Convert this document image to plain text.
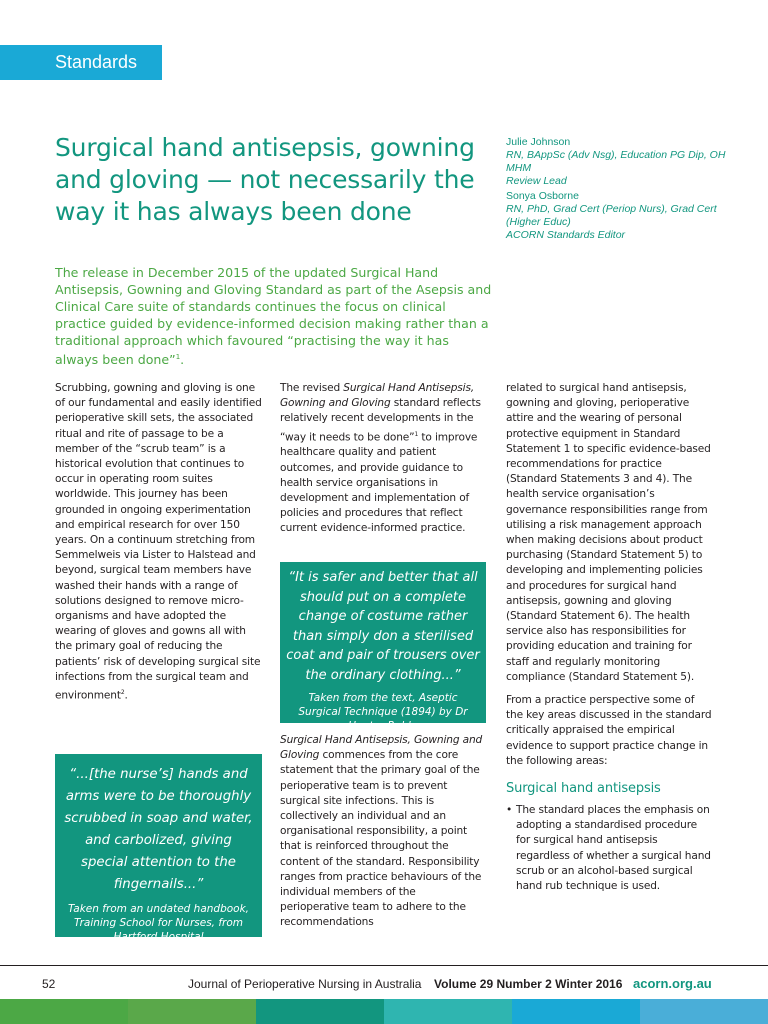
Standards
Surgical hand antisepsis, gowning and gloving — not necessarily the way it has always been done
Julie Johnson
RN, BAppSc (Adv Nsg), Education PG Dip, OH MHM
Review Lead
Sonya Osborne
RN, PhD, Grad Cert (Periop Nurs), Grad Cert (Higher Educ)
ACORN Standards Editor

The release in December 2015 of the updated Surgical Hand Antisepsis, Gowning and Gloving Standard as part of the Asepsis and Clinical Care suite of standards continues the focus on clinical practice guided by evidence-informed decision making rather than a traditional approach which favoured “practising the way it has always been done”$^1$.

Scrubbing, gowning and gloving is one of our fundamental and easily identified perioperative skill sets, the associated ritual and rite of passage to be a member of the “scrub team” is a historical evolution that continues to occur in operating room suites worldwide. This journey has been grounded in ongoing experimentation and empirical research for over 150 years. On a continuum stretching from Semmelweis via Lister to Halstead and beyond, surgical team members have washed their hands with a range of solutions designed to remove micro-organisms and have adopted the wearing of gloves and gowns all with the primary goal of reducing the patients’ risk of developing surgical site infections from the surgical team and environment$^2$.

“...[the nurse’s] hands and arms were to be thoroughly scrubbed in soap and water, and carbolized, giving special attention to the fingernails...”
Taken from an undated handbook, Training School for Nurses, from Hartford Hospital

The revised Surgical Hand Antisepsis, Gowning and Gloving standard reflects relatively recent developments in the “way it needs to be done”$^1$ to improve healthcare quality and patient outcomes, and provide guidance to health service organisations in development and implementation of policies and procedures that reflect current evidence-informed practice.

“It is safer and better that all should put on a complete change of costume rather than simply don a sterilised coat and pair of trousers over the ordinary clothing...”
Taken from the text, Aseptic Surgical Technique (1894) by Dr Hunter Robb.

Surgical Hand Antisepsis, Gowning and Gloving commences from the core statement that the primary goal of the perioperative team is to prevent surgical site infections. This is collectively an individual and an organisational responsibility, a point that is reinforced throughout the content of the standard. Responsibility ranges from practice behaviours of the individual members of the perioperative team to adhere to the recommendations

related to surgical hand antisepsis, gowning and gloving, perioperative attire and the wearing of personal protective equipment in Standard Statement 1 to specific evidence-based recommendations for practice (Standard Statements 3 and 4). The health service organisation’s governance responsibilities range from utilising a risk management approach when making decisions about product purchasing (Standard Statement 5) to developing and implementing policies and procedures for surgical hand antisepsis, gowning and gloving (Standard Statement 6). The health service also has responsibilities for providing education and training for staff and regularly monitoring compliance (Standard Statement 5).

From a practice perspective some of the key areas discussed in the standard critically appraised the empirical evidence to support practice change in the following areas:

Surgical hand antisepsis

• The standard places the emphasis on adopting a standardised procedure for surgical hand antisepsis regardless of whether a surgical hand scrub or an alcohol-based surgical hand rub technique is used.

52	Journal of Perioperative Nursing in Australia Volume 29 Number 2 Winter 2016 acorn.org.au
